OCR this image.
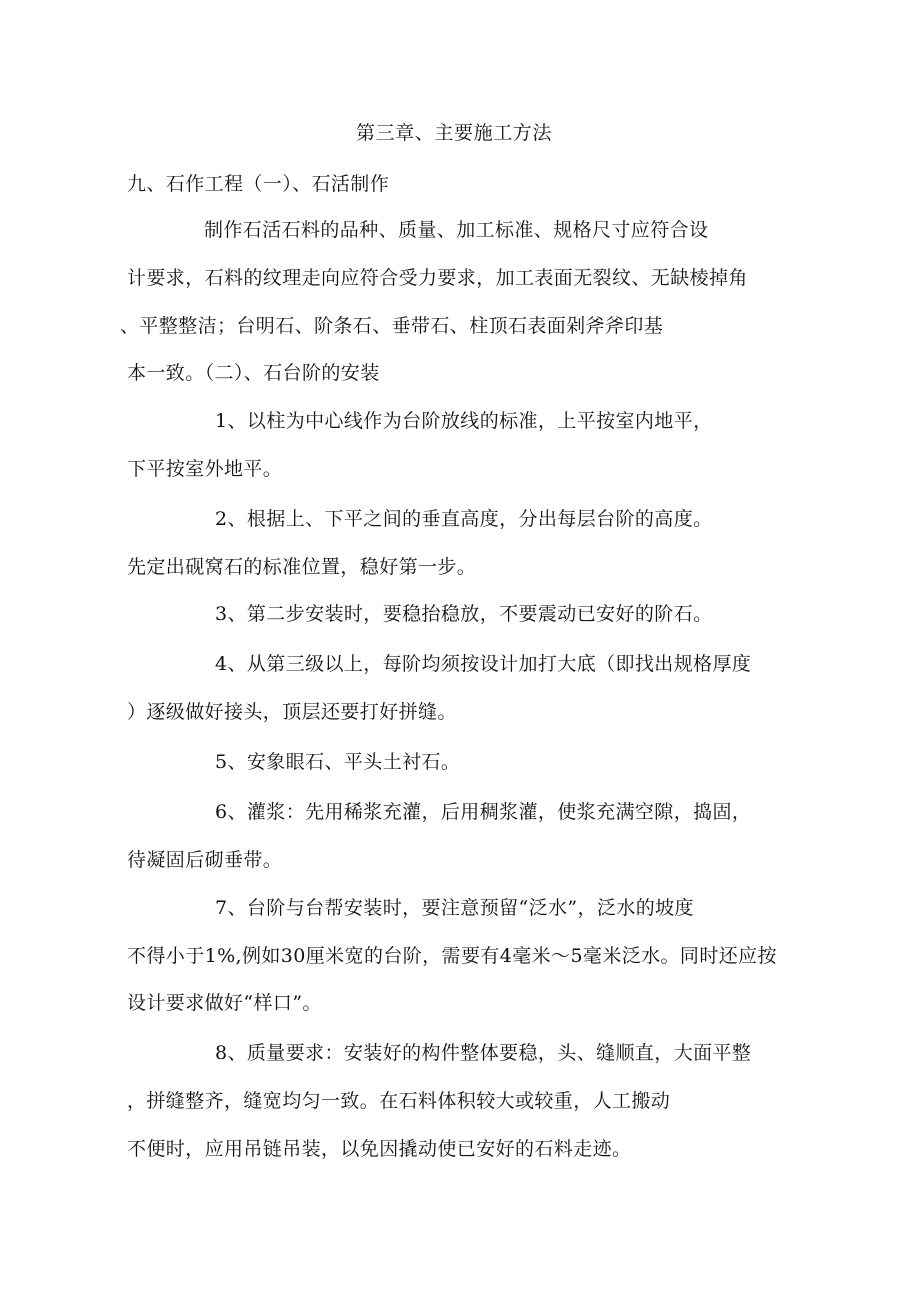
第三章、主要施工方法
九、石作工程（一）、石活制作
制作石活石料的品种、质量、加工标准、规格尺寸应符合设
计要求，石料的纹理走向应符合受力要求，加工表面无裂纹、无缺棱掉角
、平整整洁；台明石、阶条石、垂带石、柱顶石表面剁斧斧印基
本一致。（二）、石台阶的安装
1、以柱为中心线作为台阶放线的标准，上平按室内地平，
下平按室外地平。
2、根据上、下平之间的垂直高度，分出每层台阶的高度。
先定出砚窝石的标准位置，稳好第一步。
3、第二步安装时，要稳抬稳放，不要震动已安好的阶石。
4、从第三级以上，每阶均须按设计加打大底（即找出规格厚度
）逐级做好接头，顶层还要打好拼缝。
5、安象眼石、平头土衬石。
6、灌浆：先用稀浆充灌，后用稠浆灌，使浆充满空隙，捣固，
待凝固后砌垂带。
7、台阶与台帮安装时，要注意预留“泛水”，泛水的坡度
不得小于1%,例如30厘米宽的台阶，需要有4毫米～5毫米泛水。同时还应按
设计要求做好“样口”。
8、质量要求：安装好的构件整体要稳，头、缝顺直，大面平整
，拼缝整齐，缝宽均匀一致。在石料体积较大或较重，人工搬动
不便时，应用吊链吊装，以免因撬动使已安好的石料走迹。
